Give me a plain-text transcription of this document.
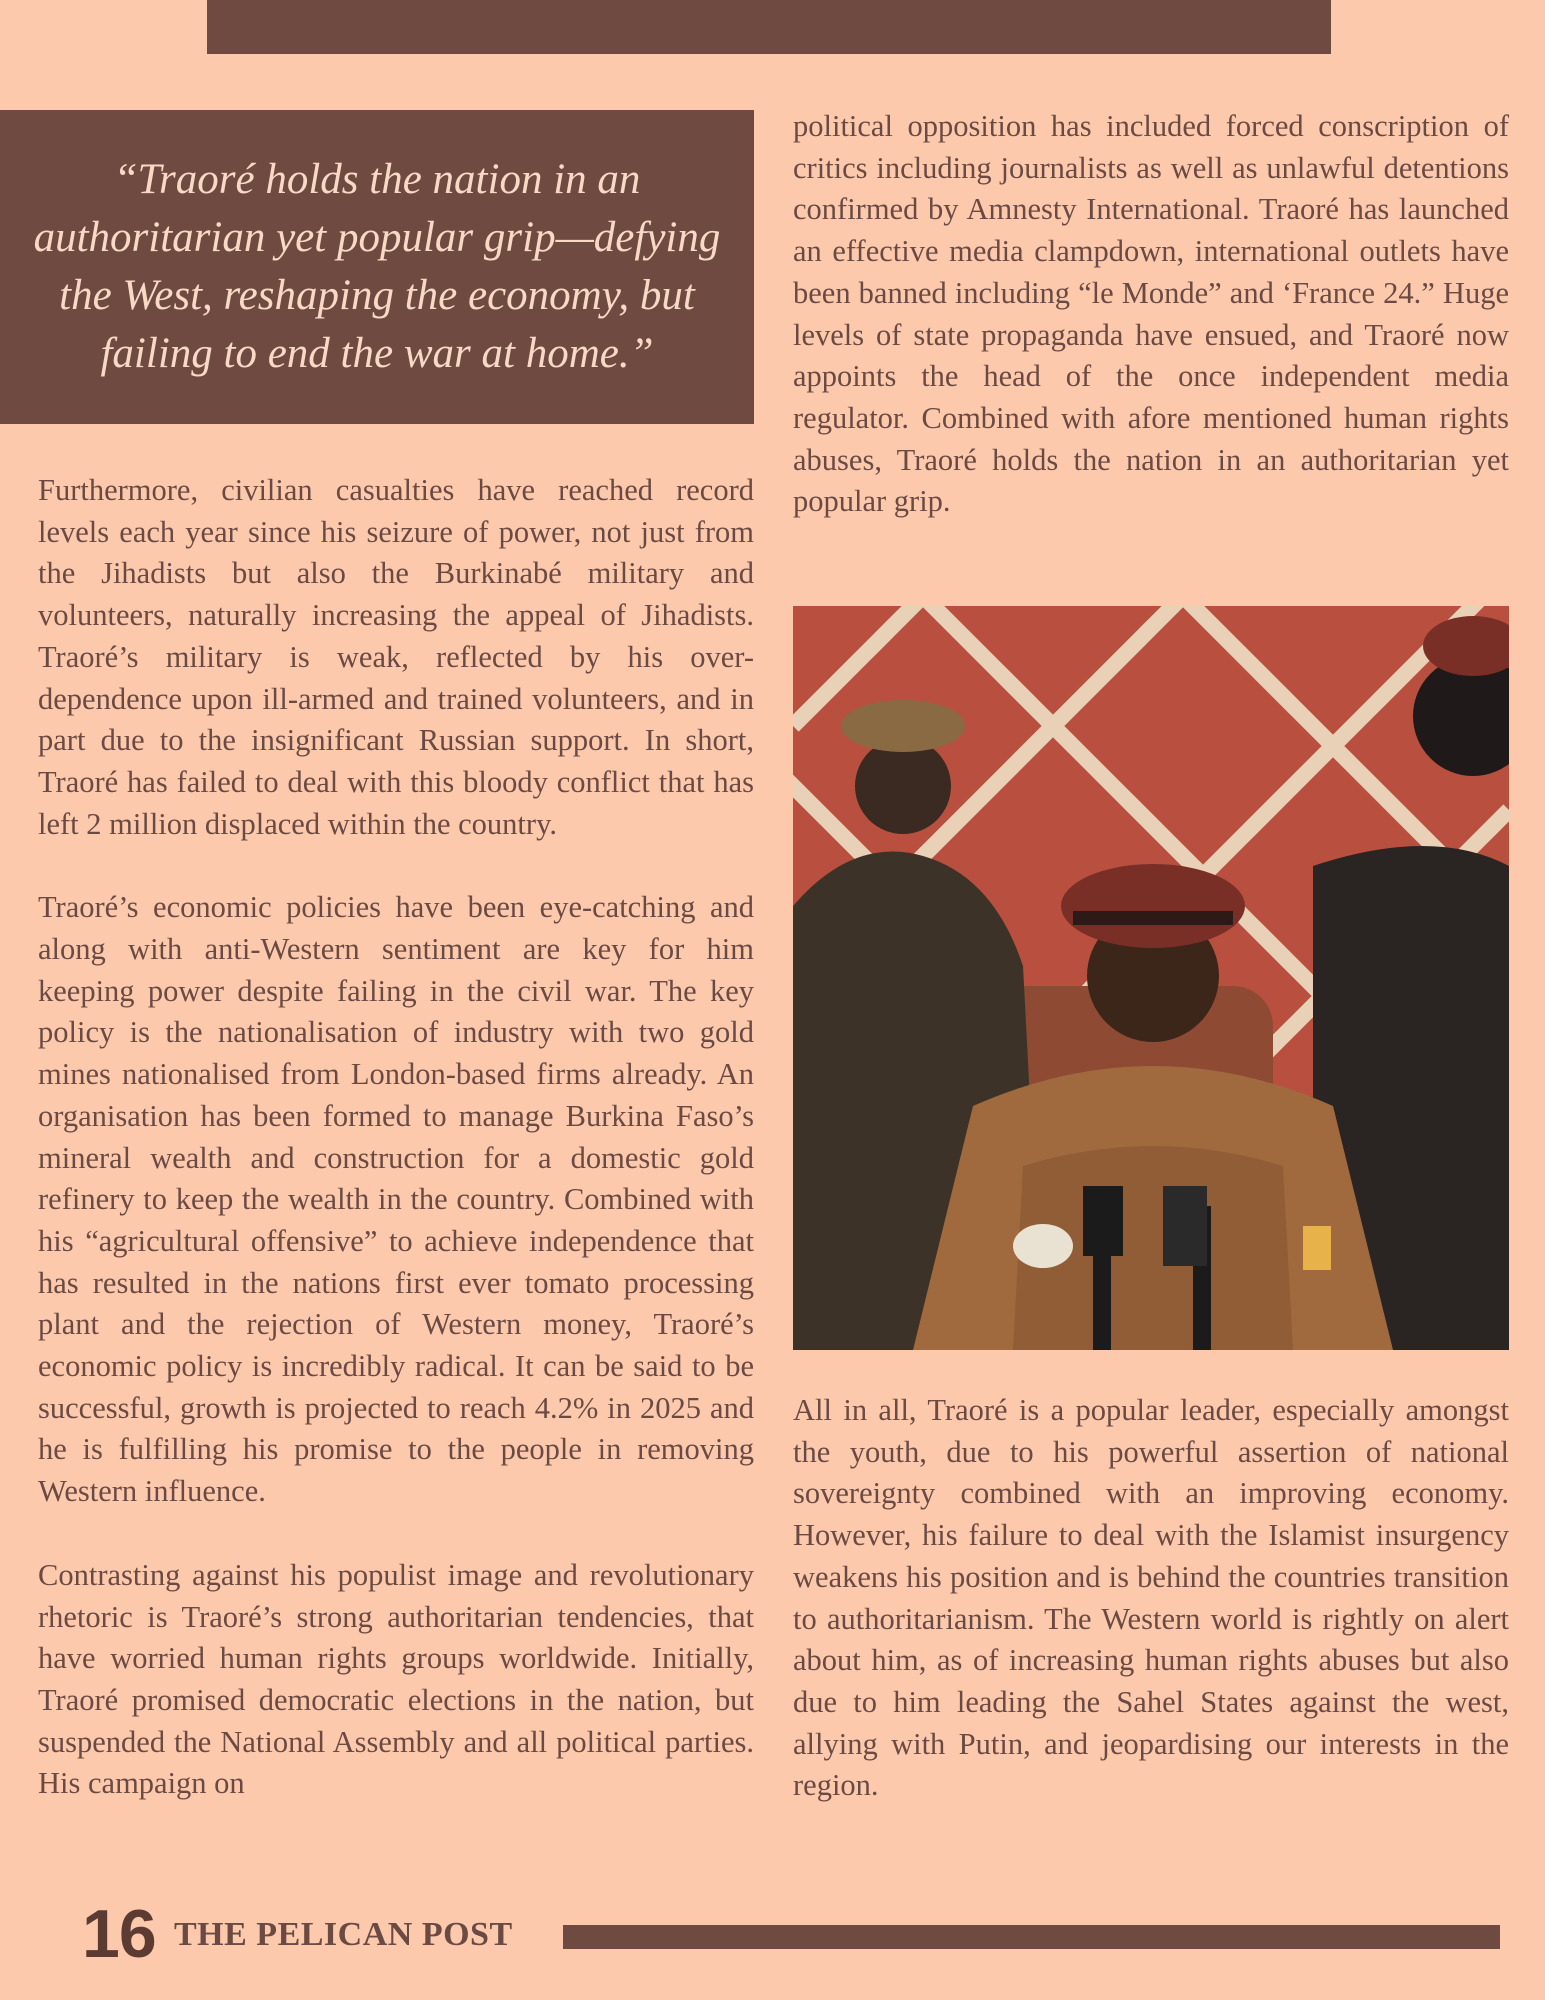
“Traoré holds the nation in an authoritarian yet popular grip—defying the West, reshaping the economy, but failing to end the war at home.”

Furthermore, civilian casualties have reached record levels each year since his seizure of power, not just from the Jihadists but also the Burkinabé military and volunteers, naturally increasing the appeal of Jihadists. Traoré’s military is weak, reflected by his over-dependence upon ill-armed and trained volunteers, and in part due to the insignificant Russian support. In short, Traoré has failed to deal with this bloody conflict that has left 2 million displaced within the country.

Traoré’s economic policies have been eye-catching and along with anti-Western sentiment are key for him keeping power despite failing in the civil war. The key policy is the nationalisation of industry with two gold mines nationalised from London-based firms already. An organisation has been formed to manage Burkina Faso’s mineral wealth and construction for a domestic gold refinery to keep the wealth in the country. Combined with his “agricultural offensive” to achieve independence that has resulted in the nations first ever tomato processing plant and the rejection of Western money, Traoré’s economic policy is incredibly radical. It can be said to be successful, growth is projected to reach 4.2% in 2025 and he is fulfilling his promise to the people in removing Western influence.

Contrasting against his populist image and revolutionary rhetoric is Traoré’s strong authoritarian tendencies, that have worried human rights groups worldwide. Initially, Traoré promised democratic elections in the nation, but suspended the National Assembly and all political parties. His campaign on

political opposition has included forced conscription of critics including journalists as well as unlawful detentions confirmed by Amnesty International. Traoré has launched an effective media clampdown, international outlets have been banned including “le Monde” and ‘France 24.” Huge levels of state propaganda have ensued, and Traoré now appoints the head of the once independent media regulator. Combined with afore mentioned human rights abuses, Traoré holds the nation in an authoritarian yet popular grip.

All in all, Traoré is a popular leader, especially amongst the youth, due to his powerful assertion of national sovereignty combined with an improving economy. However, his failure to deal with the Islamist insurgency weakens his position and is behind the countries transition to authoritarianism. The Western world is rightly on alert about him, as of increasing human rights abuses but also due to him leading the Sahel States against the west, allying with Putin, and jeopardising our interests in the region.

16 THE PELICAN POST
